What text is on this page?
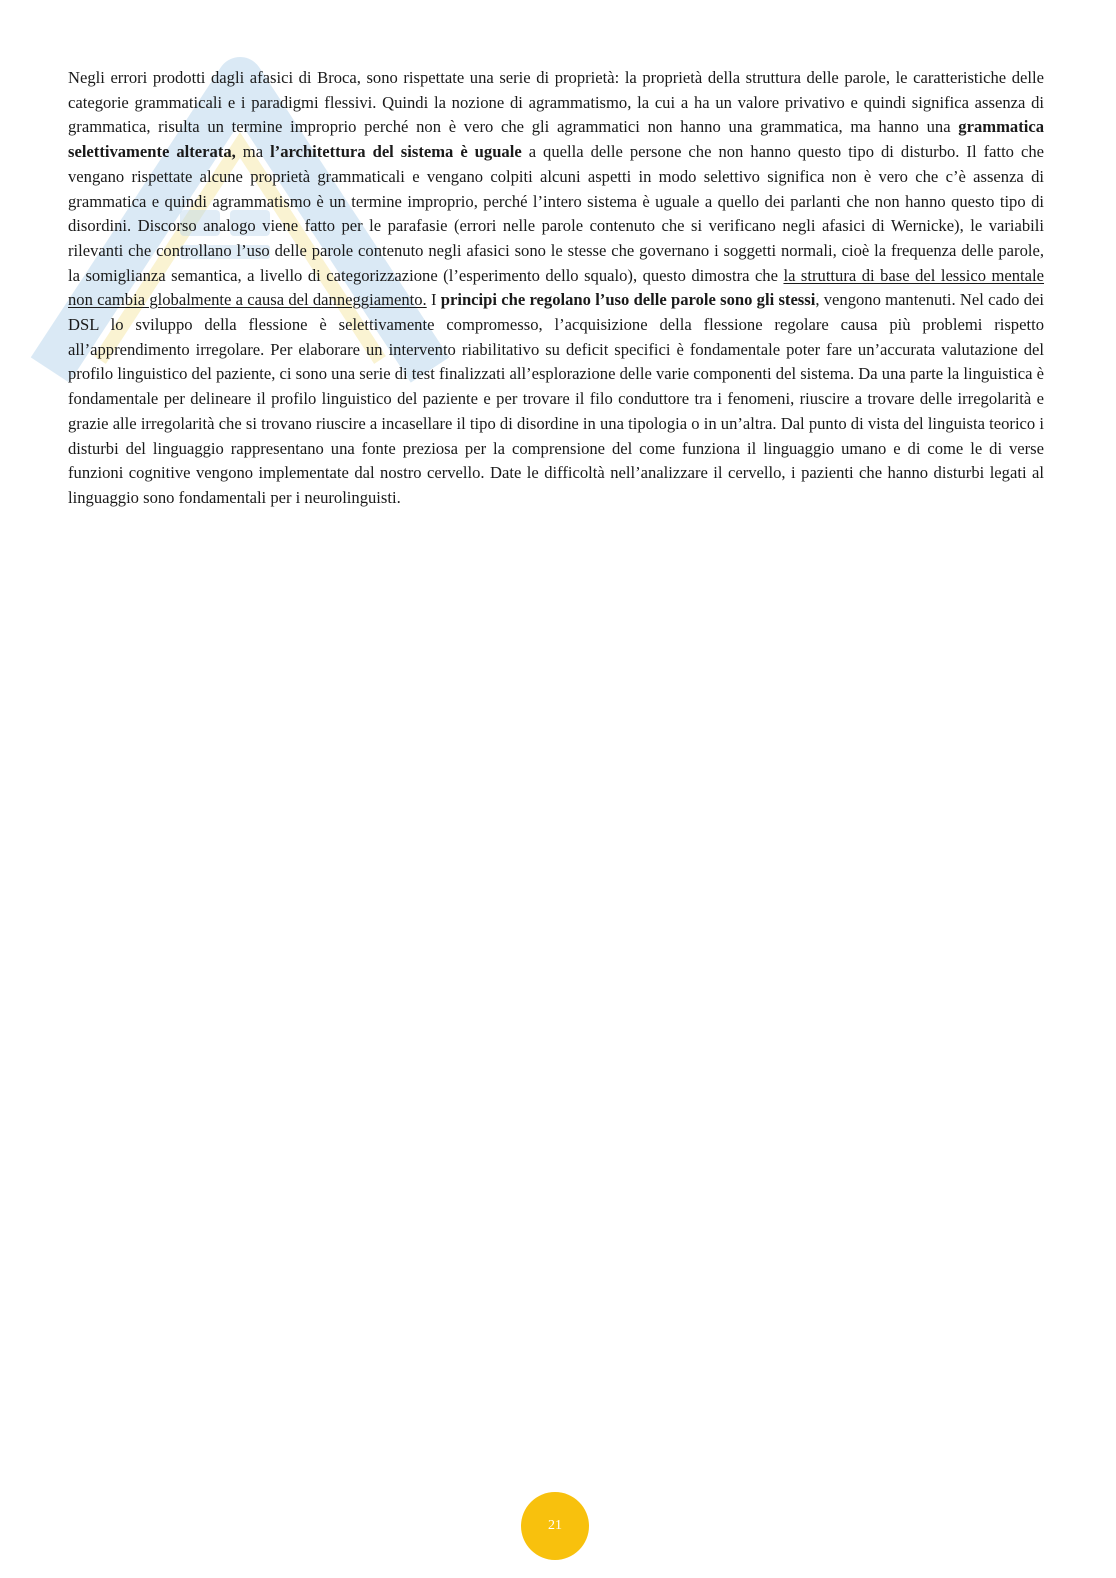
Negli errori prodotti dagli afasici di Broca, sono rispettate una serie di proprietà: la proprietà della struttura delle parole, le caratteristiche delle categorie grammaticali e i paradigmi flessivi. Quindi la nozione di agrammatismo, la cui a ha un valore privativo e quindi significa assenza di grammatica, risulta un termine improprio perché non è vero che gli agrammatici non hanno una grammatica, ma hanno una grammatica selettivamente alterata, ma l’architettura del sistema è uguale a quella delle persone che non hanno questo tipo di disturbo. Il fatto che vengano rispettate alcune proprietà grammaticali e vengano colpiti alcuni aspetti in modo selettivo significa non è vero che c’è assenza di grammatica e quindi agrammatismo è un termine improprio, perché l’intero sistema è uguale a quello dei parlanti che non hanno questo tipo di disordini. Discorso analogo viene fatto per le parafasie (errori nelle parole contenuto che si verificano negli afasici di Wernicke), le variabili rilevanti che controllano l’uso delle parole contenuto negli afasici sono le stesse che governano i soggetti normali, cioè la frequenza delle parole, la somiglianza semantica, a livello di categorizzazione (l’esperimento dello squalo), questo dimostra che la struttura di base del lessico mentale non cambia globalmente a causa del danneggiamento. I principi che regolano l’uso delle parole sono gli stessi, vengono mantenuti. Nel cado dei DSL lo sviluppo della flessione è selettivamente compromesso, l’acquisizione della flessione regolare causa più problemi rispetto all’apprendimento irregolare. Per elaborare un intervento riabilitativo su deficit specifici è fondamentale poter fare un’accurata valutazione del profilo linguistico del paziente, ci sono una serie di test finalizzati all’esplorazione delle varie componenti del sistema. Da una parte la linguistica è fondamentale per delineare il profilo linguistico del paziente e per trovare il filo conduttore tra i fenomeni, riuscire a trovare delle irregolarità e grazie alle irregolarità che si trovano riuscire a incasellare il tipo di disordine in una tipologia o in un’altra. Dal punto di vista del linguista teorico i disturbi del linguaggio rappresentano una fonte preziosa per la comprensione del come funziona il linguaggio umano e di come le di verse funzioni cognitive vengono implementate dal nostro cervello. Date le difficoltà nell’analizzare il cervello, i pazienti che hanno disturbi legati al linguaggio sono fondamentali per i neurolinguisti.

21
